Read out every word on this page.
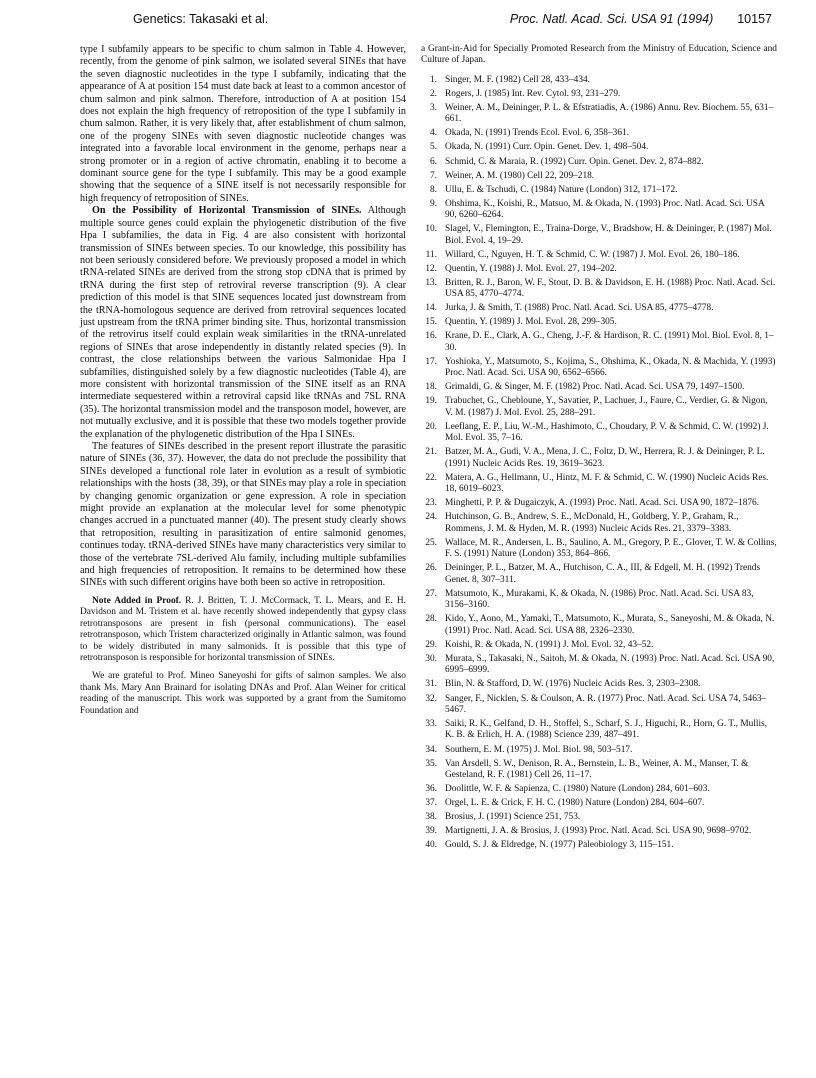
Genetics: Takasaki et al.	Proc. Natl. Acad. Sci. USA 91 (1994) 10157

type I subfamily appears to be specific to chum salmon in Table 4. However, recently, from the genome of pink salmon, we isolated several SINEs that have the seven diagnostic nucleotides in the type I subfamily, indicating that the appearance of A at position 154 must date back at least to a common ancestor of chum salmon and pink salmon. Therefore, introduction of A at position 154 does not explain the high frequency of retroposition of the type I subfamily in chum salmon. Rather, it is very likely that, after establishment of chum salmon, one of the progeny SINEs with seven diagnostic nucleotide changes was integrated into a favorable local environment in the genome, perhaps near a strong promoter or in a region of active chromatin, enabling it to become a dominant source gene for the type I subfamily. This may be a good example showing that the sequence of a SINE itself is not necessarily responsible for high frequency of retroposition of SINEs.

On the Possibility of Horizontal Transmission of SINEs. Although multiple source genes could explain the phylogenetic distribution of the five Hpa I subfamilies, the data in Fig. 4 are also consistent with horizontal transmission of SINEs between species. To our knowledge, this possibility has not been seriously considered before. We previously proposed a model in which tRNA-related SINEs are derived from the strong stop cDNA that is primed by tRNA during the first step of retroviral reverse transcription (9). A clear prediction of this model is that SINE sequences located just downstream from the tRNA-homologous sequence are derived from retroviral sequences located just upstream from the tRNA primer binding site. Thus, horizontal transmission of the retrovirus itself could explain weak similarities in the tRNA-unrelated regions of SINEs that arose independently in distantly related species (9). In contrast, the close relationships between the various Salmonidae Hpa I subfamilies, distinguished solely by a few diagnostic nucleotides (Table 4), are more consistent with horizontal transmission of the SINE itself as an RNA intermediate sequestered within a retroviral capsid like tRNAs and 7SL RNA (35). The horizontal transmission model and the transposon model, however, are not mutually exclusive, and it is possible that these two models together provide the explanation of the phylogenetic distribution of the Hpa I SINEs.

The features of SINEs described in the present report illustrate the parasitic nature of SINEs (36, 37). However, the data do not preclude the possibility that SINEs developed a functional role later in evolution as a result of symbiotic relationships with the hosts (38, 39), or that SINEs may play a role in speciation by changing genomic organization or gene expression. A role in speciation might provide an explanation at the molecular level for some phenotypic changes accrued in a punctuated manner (40). The present study clearly shows that retroposition, resulting in parasitization of entire salmonid genomes, continues today. tRNA-derived SINEs have many characteristics very similar to those of the vertebrate 7SL-derived Alu family, including multiple subfamilies and high frequencies of retroposition. It remains to be determined how these SINEs with such different origins have both been so active in retroposition.

Note Added in Proof. R. J. Britten, T. J. McCormack, T. L. Mears, and E. H. Davidson and M. Tristem et al. have recently showed independently that gypsy class retrotransposons are present in fish (personal communications). The easel retrotransposon, which Tristem characterized originally in Atlantic salmon, was found to be widely distributed in many salmonids. It is possible that this type of retrotransposon is responsible for horizontal transmission of SINEs.

We are grateful to Prof. Mineo Saneyoshi for gifts of salmon samples. We also thank Ms. Mary Ann Brainard for isolating DNAs and Prof. Alan Weiner for critical reading of the manuscript. This work was supported by a grant from the Sumitomo Foundation and

a Grant-in-Aid for Specially Promoted Research from the Ministry of Education, Science and Culture of Japan.

1. Singer, M. F. (1982) Cell 28, 433–434.
2. Rogers, J. (1985) Int. Rev. Cytol. 93, 231–279.
3. Weiner, A. M., Deininger, P. L. & Efstratiadis, A. (1986) Annu. Rev. Biochem. 55, 631–661.
4. Okada, N. (1991) Trends Ecol. Evol. 6, 358–361.
5. Okada, N. (1991) Curr. Opin. Genet. Dev. 1, 498–504.
6. Schmid, C. & Maraia, R. (1992) Curr. Opin. Genet. Dev. 2, 874–882.
7. Weiner, A. M. (1980) Cell 22, 209–218.
8. Ullu, E. & Tschudi, C. (1984) Nature (London) 312, 171–172.
9. Ohshima, K., Koishi, R., Matsuo, M. & Okada, N. (1993) Proc. Natl. Acad. Sci. USA 90, 6260–6264.
10. Slagel, V., Flemington, E., Traina-Dorge, V., Bradshow, H. & Deininger, P. (1987) Mol. Biol. Evol. 4, 19–29.
11. Willard, C., Nguyen, H. T. & Schmid, C. W. (1987) J. Mol. Evol. 26, 180–186.
12. Quentin, Y. (1988) J. Mol. Evol. 27, 194–202.
13. Britten, R. J., Baron, W. F., Stout, D. B. & Davidson, E. H. (1988) Proc. Natl. Acad. Sci. USA 85, 4770–4774.
14. Jurka, J. & Smith, T. (1988) Proc. Natl. Acad. Sci. USA 85, 4775–4778.
15. Quentin, Y. (1989) J. Mol. Evol. 28, 299–305.
16. Krane, D. E., Clark, A. G., Cheng, J.-F. & Hardison, R. C. (1991) Mol. Biol. Evol. 8, 1–30.
17. Yoshioka, Y., Matsumoto, S., Kojima, S., Ohshima, K., Okada, N. & Machida, Y. (1993) Proc. Natl. Acad. Sci. USA 90, 6562–6566.
18. Grimaldi, G. & Singer, M. F. (1982) Proc. Natl. Acad. Sci. USA 79, 1497–1500.
19. Trabuchet, G., Chebloune, Y., Savatier, P., Lachuer, J., Faure, C., Verdier, G. & Nigon, V. M. (1987) J. Mol. Evol. 25, 288–291.
20. Leeflang, E. P., Liu, W.-M., Hashimoto, C., Choudary, P. V. & Schmid, C. W. (1992) J. Mol. Evol. 35, 7–16.
21. Batzer, M. A., Gudi, V. A., Mena, J. C., Foltz, D. W., Herrera, R. J. & Deininger, P. L. (1991) Nucleic Acids Res. 19, 3619–3623.
22. Matera, A. G., Hellmann, U., Hintz, M. F. & Schmid, C. W. (1990) Nucleic Acids Res. 18, 6019–6023.
23. Minghetti, P. P. & Dugaiczyk, A. (1993) Proc. Natl. Acad. Sci. USA 90, 1872–1876.
24. Hutchinson, G. B., Andrew, S. E., McDonald, H., Goldberg, Y. P., Graham, R., Rommens, J. M. & Hyden, M. R. (1993) Nucleic Acids Res. 21, 3379–3383.
25. Wallace, M. R., Andersen, L. B., Saulino, A. M., Gregory, P. E., Glover, T. W. & Collins, F. S. (1991) Nature (London) 353, 864–866.
26. Deininger, P. L., Batzer, M. A., Hutchison, C. A., III, & Edgell, M. H. (1992) Trends Genet. 8, 307–311.
27. Matsumoto, K., Murakami, K. & Okada, N. (1986) Proc. Natl. Acad. Sci. USA 83, 3156–3160.
28. Kido, Y., Aono, M., Yamaki, T., Matsumoto, K., Murata, S., Saneyoshi, M. & Okada, N. (1991) Proc. Natl. Acad. Sci. USA 88, 2326–2330.
29. Koishi, R. & Okada, N. (1991) J. Mol. Evol. 32, 43–52.
30. Murata, S., Takasaki, N., Saitoh, M. & Okada, N. (1993) Proc. Natl. Acad. Sci. USA 90, 6995–6999.
31. Blin, N. & Stafford, D. W. (1976) Nucleic Acids Res. 3, 2303–2308.
32. Sanger, F., Nicklen, S. & Coulson, A. R. (1977) Proc. Natl. Acad. Sci. USA 74, 5463–5467.
33. Saiki, R. K., Gelfand, D. H., Stoffel, S., Scharf, S. J., Higuchi, R., Horn, G. T., Mullis, K. B. & Erlich, H. A. (1988) Science 239, 487–491.
34. Southern, E. M. (1975) J. Mol. Biol. 98, 503–517.
35. Van Arsdell, S. W., Denison, R. A., Bernstein, L. B., Weiner, A. M., Manser, T. & Gesteland, R. F. (1981) Cell 26, 11–17.
36. Doolittle, W. F. & Sapienza, C. (1980) Nature (London) 284, 601–603.
37. Orgel, L. E. & Crick, F. H. C. (1980) Nature (London) 284, 604–607.
38. Brosius, J. (1991) Science 251, 753.
39. Martignetti, J. A. & Brosius, J. (1993) Proc. Natl. Acad. Sci. USA 90, 9698–9702.
40. Gould, S. J. & Eldredge, N. (1977) Paleobiology 3, 115–151.
